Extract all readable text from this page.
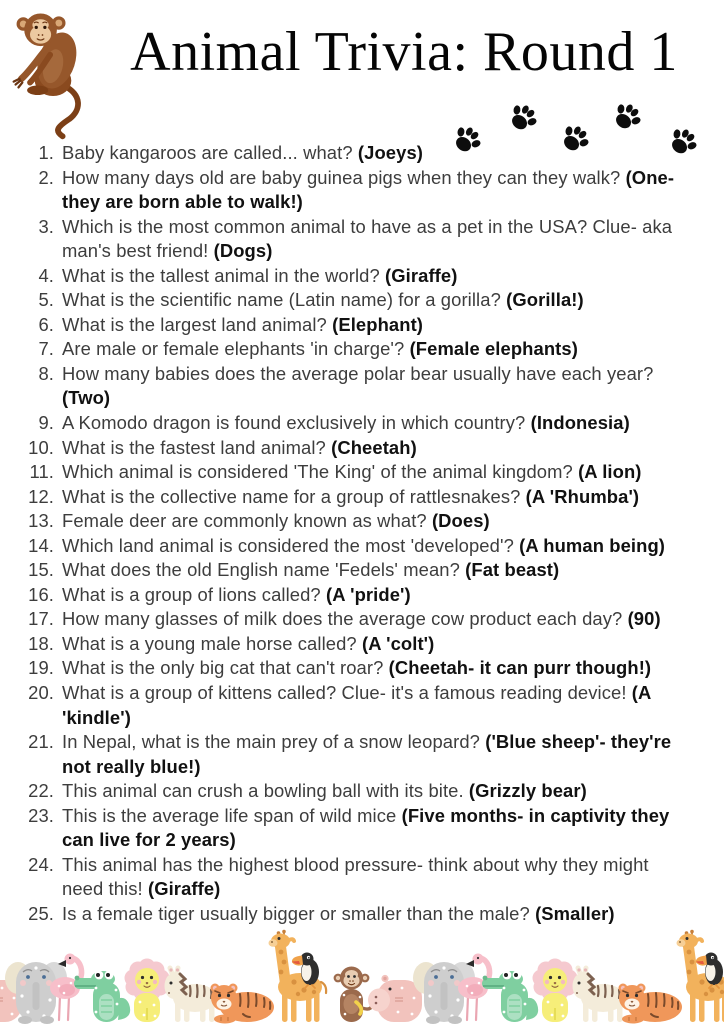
Animal Trivia: Round 1
1. Baby kangaroos are called... what? (Joeys)
2. How many days old are baby guinea pigs when they can they walk? (One- they are born able to walk!)
3. Which is the most common animal to have as a pet in the USA? Clue- aka man's best friend! (Dogs)
4. What is the tallest animal in the world? (Giraffe)
5. What is the scientific name (Latin name) for a gorilla? (Gorilla!)
6. What is the largest land animal? (Elephant)
7. Are male or female elephants 'in charge'? (Female elephants)
8. How many babies does the average polar bear usually have each year? (Two)
9. A Komodo dragon is found exclusively in which country? (Indonesia)
10. What is the fastest land animal? (Cheetah)
11. Which animal is considered 'The King' of the animal kingdom? (A lion)
12. What is the collective name for a group of rattlesnakes? (A 'Rhumba')
13. Female deer are commonly known as what? (Does)
14. Which land animal is considered the most 'developed'? (A human being)
15. What does the old English name 'Fedels' mean? (Fat beast)
16. What is a group of lions called? (A 'pride')
17. How many glasses of milk does the average cow product each day? (90)
18. What is a young male horse called? (A 'colt')
19. What is the only big cat that can't roar? (Cheetah- it can purr though!)
20. What is a group of kittens called? Clue- it's a famous reading device! (A 'kindle')
21. In Nepal, what is the main prey of a snow leopard? ('Blue sheep'- they're not really blue!)
22. This animal can crush a bowling ball with its bite. (Grizzly bear)
23. This is the average life span of wild mice (Five months- in captivity they can live for 2 years)
24. This animal has the highest blood pressure- think about why they might need this! (Giraffe)
25. Is a female tiger usually bigger or smaller than the male? (Smaller)
